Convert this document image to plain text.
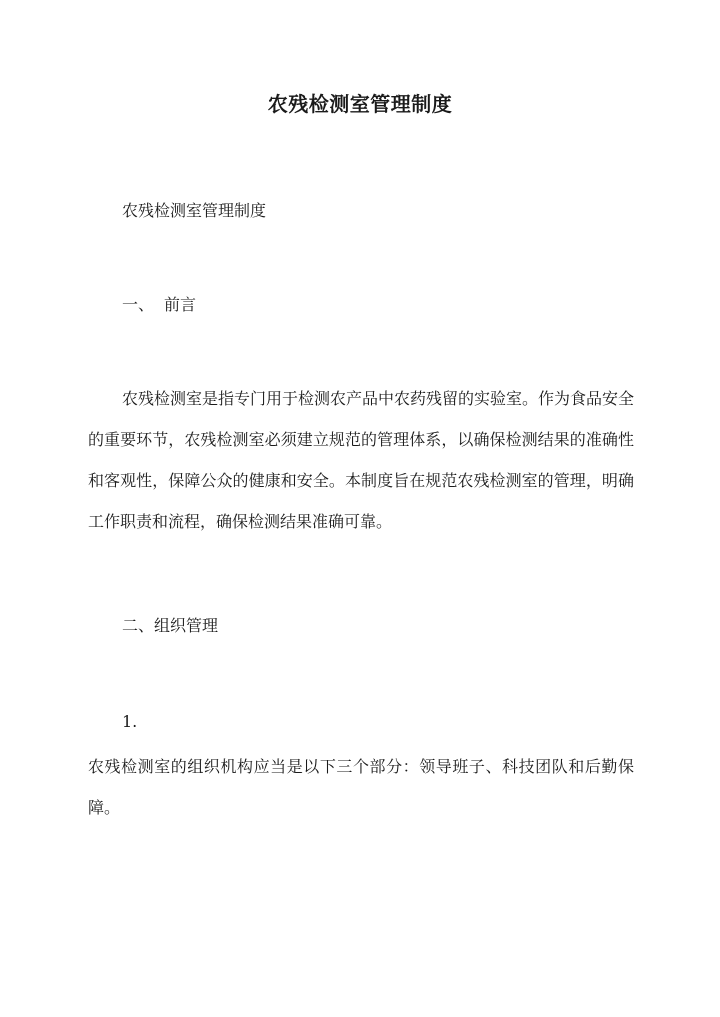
农残检测室管理制度

农残检测室管理制度

一、 前言

农残检测室是指专门用于检测农产品中农药残留的实验室。作为食品安全的重要环节，农残检测室必须建立规范的管理体系，以确保检测结果的准确性和客观性，保障公众的健康和安全。本制度旨在规范农残检测室的管理，明确工作职责和流程，确保检测结果准确可靠。

二、组织管理

1.

农残检测室的组织机构应当是以下三个部分：领导班子、科技团队和后勤保障。
